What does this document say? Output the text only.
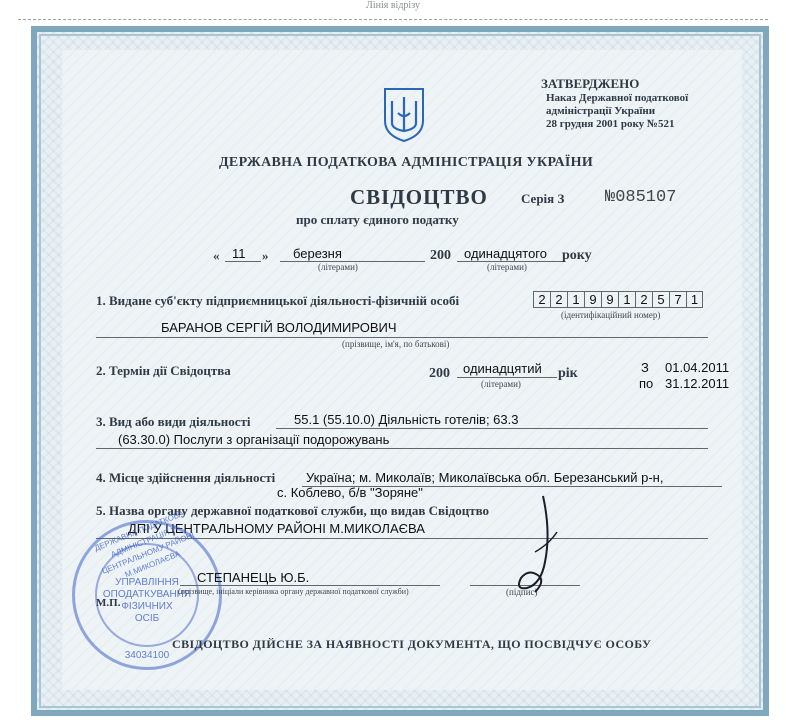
Лінія відрізу
ЗАТВЕРДЖЕНО
Наказ Державної податкової
адміністрації України
28 грудня 2001 року №521
ДЕРЖАВНА ПОДАТКОВА АДМІНІСТРАЦІЯ УКРАЇНИ
СВІДОЦТВО
про сплату єдиного податку
Серія З №085107
« 11 » березня
(літерами)
200 одинадцятого року
(літерами)
1. Видане суб'єкту підприємницької діяльності-фізичній особі	2 2 1 9 9 1 2 5 7 1
(ідентифікаційний номер)
БАРАНОВ СЕРГІЙ ВОЛОДИМИРОВИЧ
(прізвище, ім'я, по батькові)
2. Термін дії Свідоцтва	200 одинадцятий рік
(літерами)
З 01.04.2011
по 31.12.2011
3. Вид або види діяльності	55.1 (55.10.0) Діяльність готелів; 63.3
(63.30.0) Послуги з організації подорожувань
4. Місце здійснення діяльності Україна; м. Миколаїв; Миколаївська обл. Березанський р-н,
с. Коблево, б/в "Зоряне"
5. Назва органу державної податкової служби, що видав Свідоцтво
ДПІ У ЦЕНТРАЛЬНОМУ РАЙОНІ М.МИКОЛАЄВА
ДЕРЖАВНА ПОДАТКОВА АДМІНІСТРАЦІЯ У ЦЕНТРАЛЬНОМУ РАЙОНІ М.МИКОЛАЄВА
УПРАВЛІННЯ
ОПОДАТКУВАННЯ
ФІЗИЧНИХ
ОСІБ
34034100
СТЕПАНЕЦЬ Ю.Б.
(прізвище, ініціали керівника органу державної податкової служби)	(підпис)
М.П.
СВІДОЦТВО ДІЙСНЕ ЗА НАЯВНОСТІ ДОКУМЕНТА, ЩО ПОСВІДЧУЄ ОСОБУ
